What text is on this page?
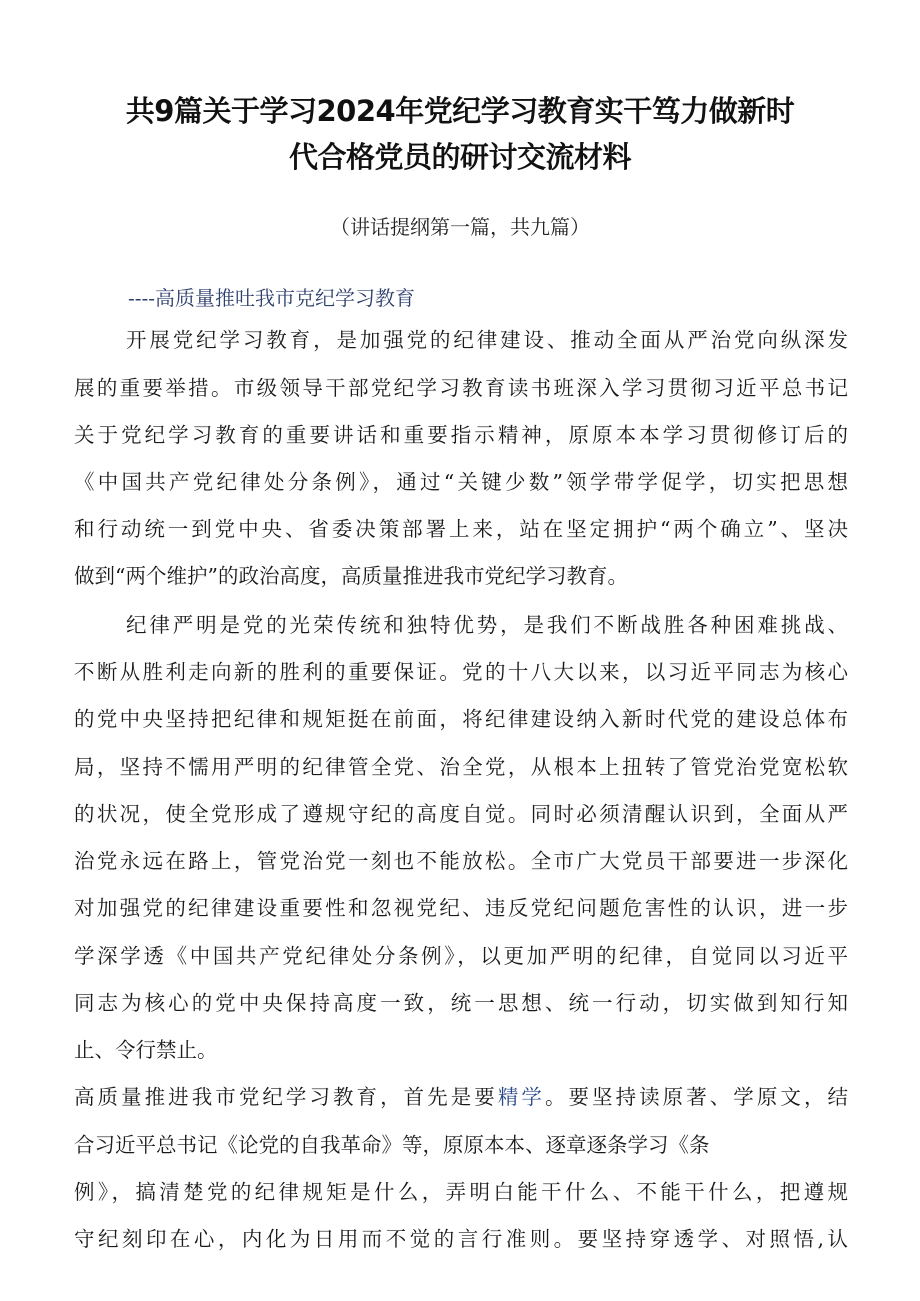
共9篇关于学习2024年党纪学习教育实干笃力做新时
代合格党员的研讨交流材料
（讲话提纲第一篇，共九篇）
----高质量推吐我市克纪学习教育
开展党纪学习教育，是加强党的纪律建设、推动全面从严治党向纵深发
展的重要举措。市级领导干部党纪学习教育读书班深入学习贯彻习近平总书记
关于党纪学习教育的重要讲话和重要指示精神，原原本本学习贯彻修订后的
《中国共产党纪律处分条例》，通过“关键少数”领学带学促学，切实把思想
和行动统一到党中央、省委决策部署上来，站在坚定拥护“两个确立”、坚决
做到“两个维护”的政治高度，高质量推进我市党纪学习教育。
纪律严明是党的光荣传统和独特优势，是我们不断战胜各种困难挑战、
不断从胜利走向新的胜利的重要保证。党的十八大以来，以习近平同志为核心
的党中央坚持把纪律和规矩挺在前面，将纪律建设纳入新时代党的建设总体布
局，坚持不懦用严明的纪律管全党、治全党，从根本上扭转了管党治党宽松软
的状况，使全党形成了遵规守纪的高度自觉。同时必须清醒认识到，全面从严
治党永远在路上，管党治党一刻也不能放松。全市广大党员干部要进一步深化
对加强党的纪律建设重要性和忽视党纪、违反党纪问题危害性的认识，进一步
学深学透《中国共产党纪律处分条例》，以更加严明的纪律，自觉同以习近平
同志为核心的党中央保持高度一致，统一思想、统一行动，切实做到知行知
止、令行禁止。
高质量推进我市党纪学习教育，首先是要精学。要坚持读原著、学原文，结
合习近平总书记《论党的自我革命》等，原原本本、逐章逐条学习《条
例》，搞清楚党的纪律规矩是什么，弄明白能干什么、不能干什么，把遵规
守纪刻印在心，内化为日用而不觉的言行准则。要坚持穿透学、对照悟,认
